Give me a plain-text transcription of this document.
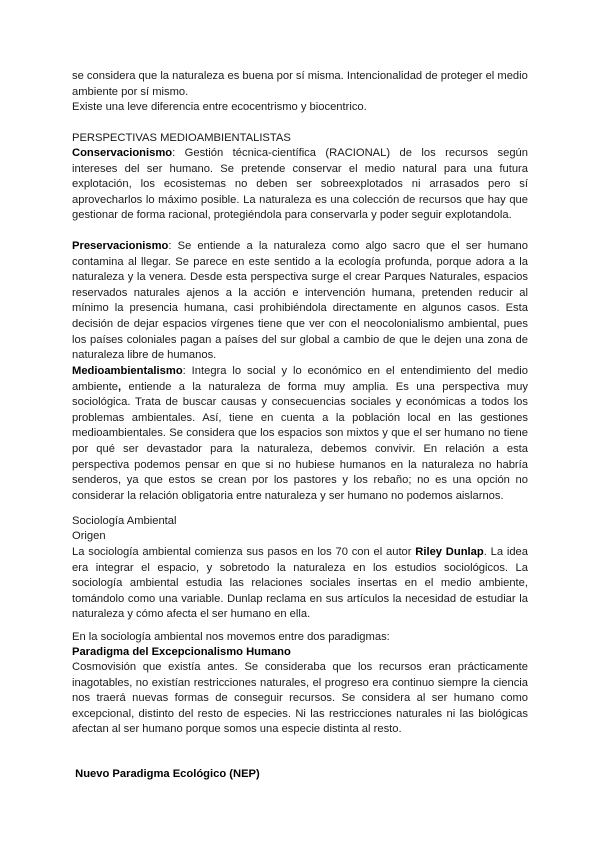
se considera que la naturaleza es buena por sí misma. Intencionalidad de proteger el medio
ambiente por sí mismo.
Existe una leve diferencia entre ecocentrismo y biocentrico.
PERSPECTIVAS MEDIOAMBIENTALISTAS

Conservacionismo: Gestión técnica-científica (RACIONAL) de los recursos según intereses del ser humano. Se pretende conservar el medio natural para una futura explotación, los ecosistemas no deben ser sobreexplotados ni arrasados pero sí aprovecharlos lo máximo posible. La naturaleza es una colección de recursos que hay que gestionar de forma racional, protegiéndola para conservarla y poder seguir explotandola.

Preservacionismo: Se entiende a la naturaleza como algo sacro que el ser humano contamina al llegar. Se parece en este sentido a la ecología profunda, porque adora a la naturaleza y la venera. Desde esta perspectiva surge el crear Parques Naturales, espacios reservados naturales ajenos a la acción e intervención humana, pretenden reducir al mínimo la presencia humana, casi prohibiéndola directamente en algunos casos. Esta decisión de dejar espacios vírgenes tiene que ver con el neocolonialismo ambiental, pues los países coloniales pagan a países del sur global a cambio de que le dejen una zona de naturaleza libre de humanos.

Medioambientalismo: Integra lo social y lo económico en el entendimiento del medio ambiente, entiende a la naturaleza de forma muy amplia. Es una perspectiva muy sociológica. Trata de buscar causas y consecuencias sociales y económicas a todos los problemas ambientales. Así, tiene en cuenta a la población local en las gestiones medioambientales. Se considera que los espacios son mixtos y que el ser humano no tiene por qué ser devastador para la naturaleza, debemos convivir. En relación a esta perspectiva podemos pensar en que si no hubiese humanos en la naturaleza no habría senderos, ya que estos se crean por los pastores y los rebaño; no es una opción no considerar la relación obligatoria entre naturaleza y ser humano no podemos aislarnos.

Sociología Ambiental
Origen

La sociología ambiental comienza sus pasos en los 70 con el autor Riley Dunlap. La idea era integrar el espacio, y sobretodo la naturaleza en los estudios sociológicos. La sociología ambiental estudia las relaciones sociales insertas en el medio ambiente, tomándolo como una variable. Dunlap reclama en sus artículos la necesidad de estudiar la naturaleza y cómo afecta el ser humano en ella.

En la sociología ambiental nos movemos entre dos paradigmas:
Paradigma del Excepcionalismo Humano

Cosmovisión que existía antes. Se consideraba que los recursos eran prácticamente inagotables, no existían restricciones naturales, el progreso era continuo siempre la ciencia nos traerá nuevas formas de conseguir recursos. Se considera al ser humano como excepcional, distinto del resto de especies. Ni las restricciones naturales ni las biológicas afectan al ser humano porque somos una especie distinta al resto.

Nuevo Paradigma Ecológico (NEP)
